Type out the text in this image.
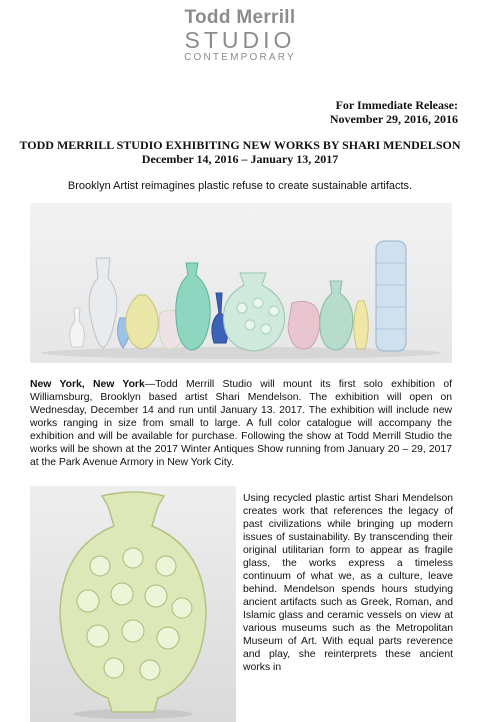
Todd Merrill
STUDIO
CONTEMPORARY
For Immediate Release:
November 29, 2016, 2016
TODD MERRILL STUDIO EXHIBITING NEW WORKS BY SHARI MENDELSON
December 14, 2016 – January 13, 2017
Brooklyn Artist reimagines plastic refuse to create sustainable artifacts.
New York, New York—Todd Merrill Studio will mount its first solo exhibition of Williamsburg, Brooklyn based artist Shari Mendelson. The exhibition will open on Wednesday, December 14 and run until January 13. 2017. The exhibition will include new works ranging in size from small to large. A full color catalogue will accompany the exhibition and will be available for purchase. Following the show at Todd Merrill Studio the works will be shown at the 2017 Winter Antiques Show running from January 20 – 29, 2017 at the Park Avenue Armory in New York City.
Using recycled plastic artist Shari Mendelson creates work that references the legacy of past civilizations while bringing up modern issues of sustainability. By transcending their original utilitarian form to appear as fragile glass, the works express a timeless continuum of what we, as a culture, leave behind. Mendelson spends hours studying ancient artifacts such as Greek, Roman, and Islamic glass and ceramic vessels on view at various museums such as the Metropolitan Museum of Art. With equal parts reverence and play, she reinterprets these ancient works in
